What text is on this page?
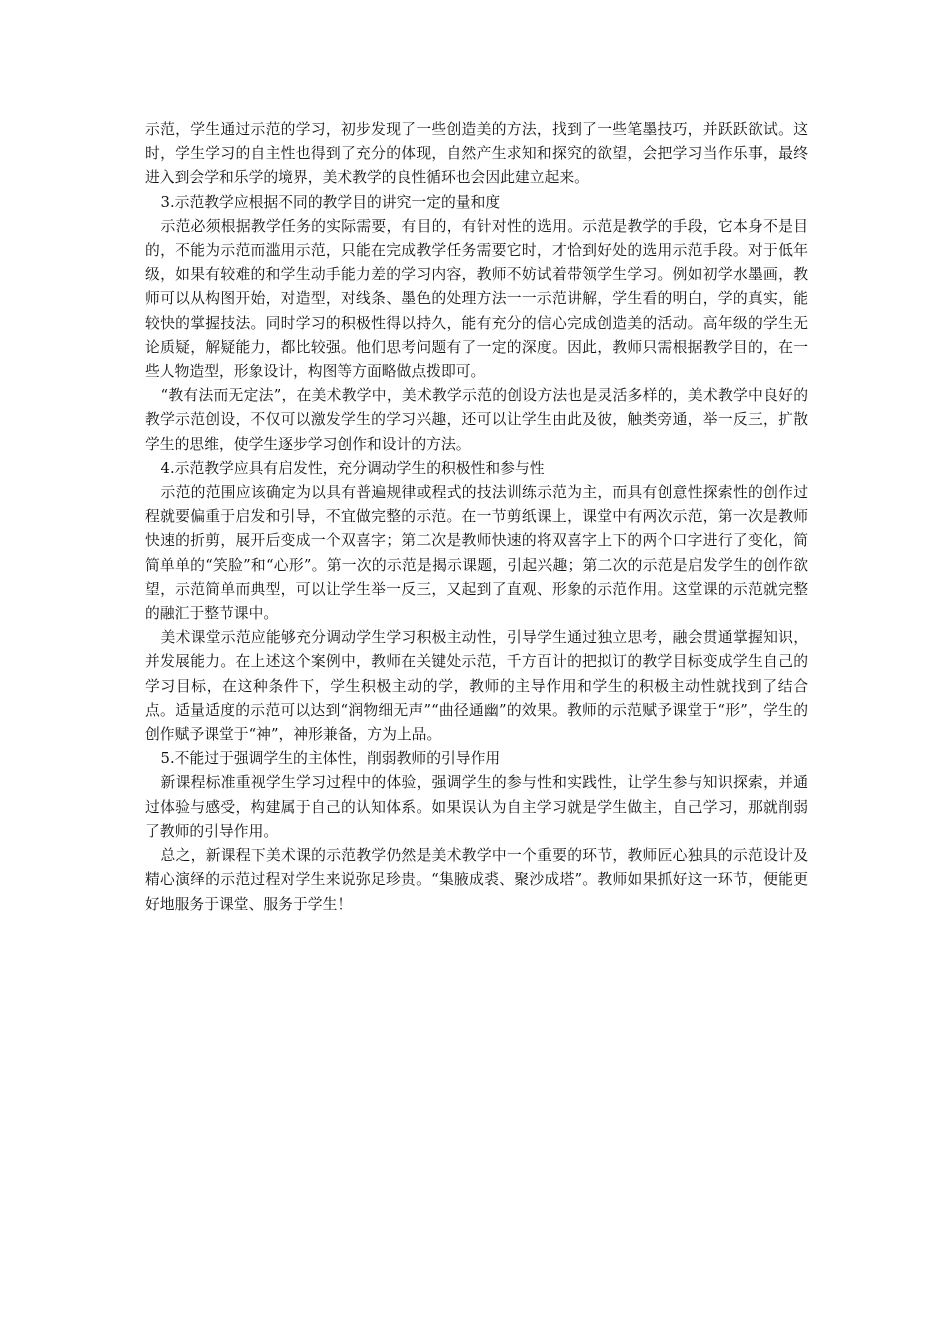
示范，学生通过示范的学习，初步发现了一些创造美的方法，找到了一些笔墨技巧，并跃跃欲试。这时，学生学习的自主性也得到了充分的体现，自然产生求知和探究的欲望，会把学习当作乐事，最终进入到会学和乐学的境界，美术教学的良性循环也会因此建立起来。

3.示范教学应根据不同的教学目的讲究一定的量和度

示范必须根据教学任务的实际需要，有目的，有针对性的选用。示范是教学的手段，它本身不是目的，不能为示范而滥用示范，只能在完成教学任务需要它时，才恰到好处的选用示范手段。对于低年级，如果有较难的和学生动手能力差的学习内容，教师不妨试着带领学生学习。例如初学水墨画，教师可以从构图开始，对造型，对线条、墨色的处理方法一一示范讲解，学生看的明白，学的真实，能较快的掌握技法。同时学习的积极性得以持久，能有充分的信心完成创造美的活动。高年级的学生无论质疑，解疑能力，都比较强。他们思考问题有了一定的深度。因此，教师只需根据教学目的，在一些人物造型，形象设计，构图等方面略做点拨即可。

“教有法而无定法”，在美术教学中，美术教学示范的创设方法也是灵活多样的，美术教学中良好的教学示范创设，不仅可以激发学生的学习兴趣，还可以让学生由此及彼，触类旁通，举一反三，扩散学生的思维，使学生逐步学习创作和设计的方法。

4.示范教学应具有启发性，充分调动学生的积极性和参与性

示范的范围应该确定为以具有普遍规律或程式的技法训练示范为主，而具有创意性探索性的创作过程就要偏重于启发和引导，不宜做完整的示范。在一节剪纸课上，课堂中有两次示范，第一次是教师快速的折剪，展开后变成一个双喜字；第二次是教师快速的将双喜字上下的两个口字进行了变化，简简单单的“笑脸”和“心形”。第一次的示范是揭示课题，引起兴趣；第二次的示范是启发学生的创作欲望，示范简单而典型，可以让学生举一反三，又起到了直观、形象的示范作用。这堂课的示范就完整的融汇于整节课中。

美术课堂示范应能够充分调动学生学习积极主动性，引导学生通过独立思考，融会贯通掌握知识，并发展能力。在上述这个案例中，教师在关键处示范，千方百计的把拟订的教学目标变成学生自己的学习目标，在这种条件下，学生积极主动的学，教师的主导作用和学生的积极主动性就找到了结合点。适量适度的示范可以达到“润物细无声”“曲径通幽”的效果。教师的示范赋予课堂于“形”，学生的创作赋予课堂于“神”，神形兼备，方为上品。

5.不能过于强调学生的主体性，削弱教师的引导作用

新课程标准重视学生学习过程中的体验，强调学生的参与性和实践性，让学生参与知识探索，并通过体验与感受，构建属于自己的认知体系。如果误认为自主学习就是学生做主，自己学习，那就削弱了教师的引导作用。

总之，新课程下美术课的示范教学仍然是美术教学中一个重要的环节，教师匠心独具的示范设计及精心演绎的示范过程对学生来说弥足珍贵。“集腋成裘、聚沙成塔”。教师如果抓好这一环节，便能更好地服务于课堂、服务于学生！
